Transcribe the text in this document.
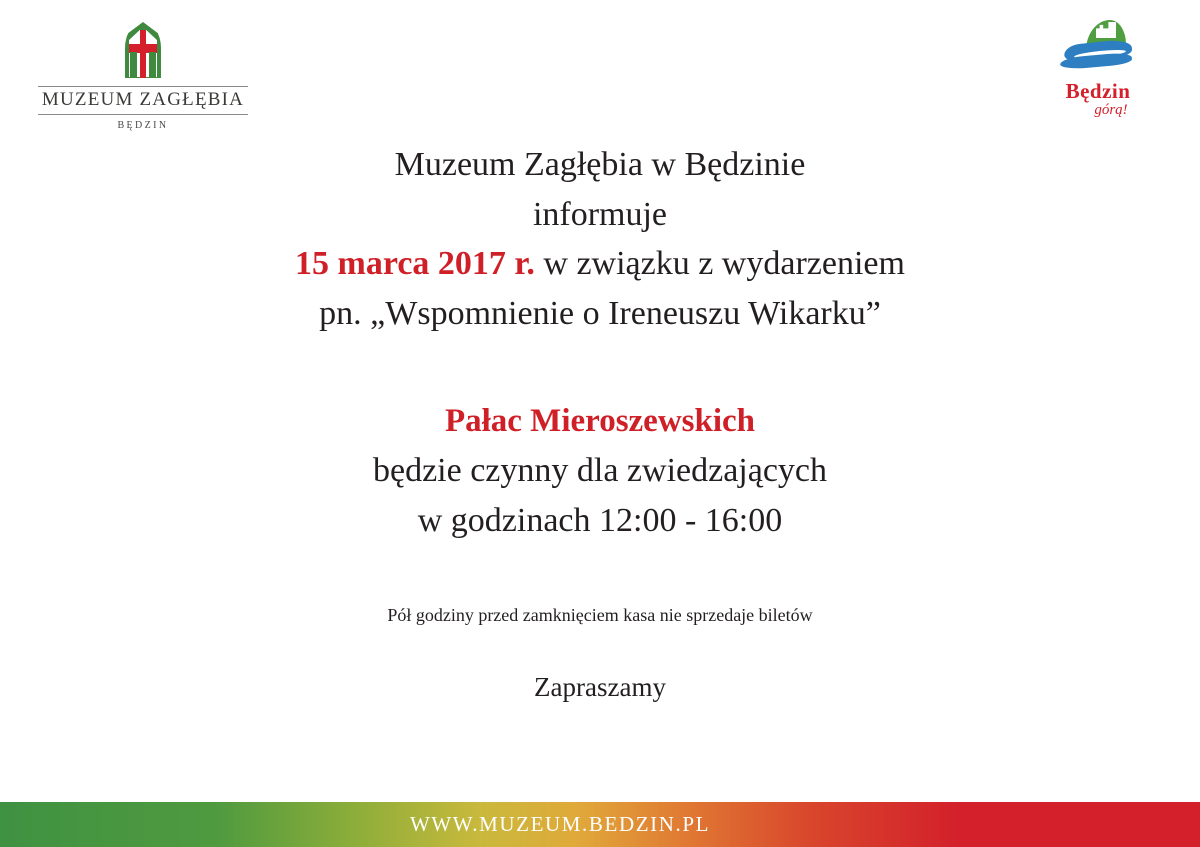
MUZEUM ZAGŁĘBIA
BĘDZIN
Będzin
górą!
Muzeum Zagłębia w Będzinie
informuje
15 marca 2017 r. w związku z wydarzeniem
pn. „Wspomnienie o Ireneuszu Wikarku”
Pałac Mieroszewskich
będzie czynny dla zwiedzających
w godzinach 12:00 - 16:00
Pół godziny przed zamknięciem kasa nie sprzedaje biletów
Zapraszamy
WWW.MUZEUM.BEDZIN.PL
